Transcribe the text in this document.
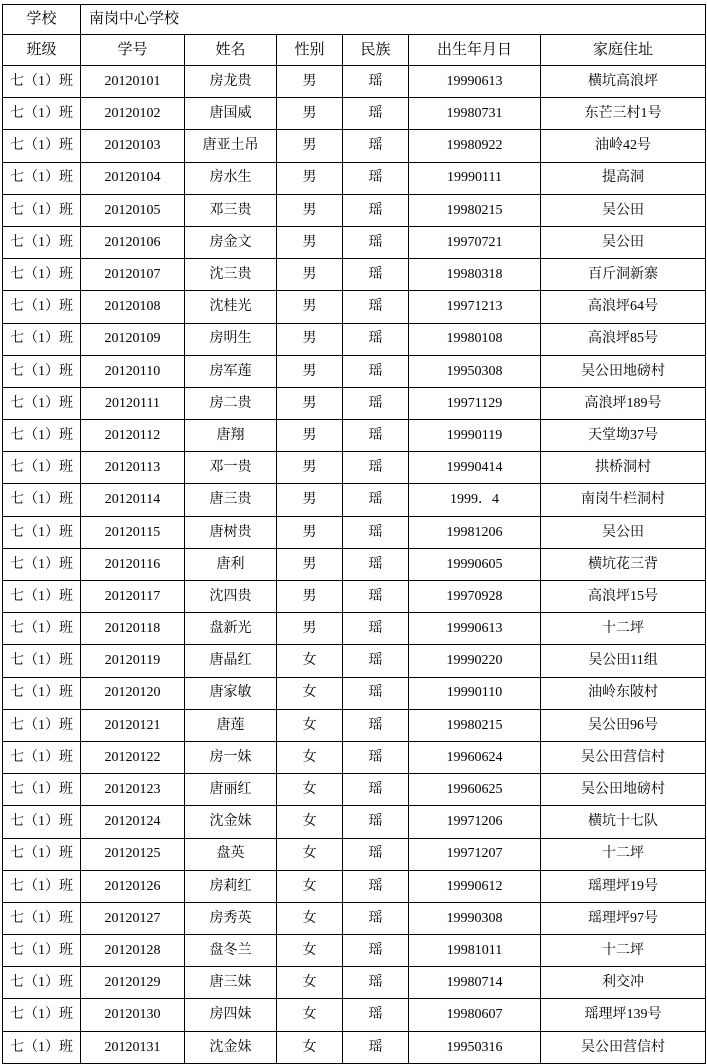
学校	南岗中心学校					
班级	学号	姓名	性别	民族	出生年月日	家庭住址
七（1）班	20120101	房龙贵	男	瑶	19990613	横坑高浪坪
七（1）班	20120102	唐国威	男	瑶	19980731	东芒三村1号
七（1）班	20120103	唐亚土吊	男	瑶	19980922	油岭42号
七（1）班	20120104	房水生	男	瑶	19990111	提高洞
七（1）班	20120105	邓三贵	男	瑶	19980215	吴公田
七（1）班	20120106	房金文	男	瑶	19970721	吴公田
七（1）班	20120107	沈三贵	男	瑶	19980318	百斤洞新寨
七（1）班	20120108	沈桂光	男	瑶	19971213	高浪坪64号
七（1）班	20120109	房明生	男	瑶	19980108	高浪坪85号
七（1）班	20120110	房军莲	男	瑶	19950308	吴公田地磅村
七（1）班	20120111	房二贵	男	瑶	19971129	高浪坪189号
七（1）班	20120112	唐翔	男	瑶	19990119	天堂坳37号
七（1）班	20120113	邓一贵	男	瑶	19990414	拱桥洞村
七（1）班	20120114	唐三贵	男	瑶	1999．4	南岗牛栏洞村
七（1）班	20120115	唐树贵	男	瑶	19981206	吴公田
七（1）班	20120116	唐利	男	瑶	19990605	横坑花三背
七（1）班	20120117	沈四贵	男	瑶	19970928	高浪坪15号
七（1）班	20120118	盘新光	男	瑶	19990613	十二坪
七（1）班	20120119	唐晶红	女	瑶	19990220	吴公田11组
七（1）班	20120120	唐家敏	女	瑶	19990110	油岭东陂村
七（1）班	20120121	唐莲	女	瑶	19980215	吴公田96号
七（1）班	20120122	房一妹	女	瑶	19960624	吴公田营信村
七（1）班	20120123	唐丽红	女	瑶	19960625	吴公田地磅村
七（1）班	20120124	沈金妹	女	瑶	19971206	横坑十七队
七（1）班	20120125	盘英	女	瑶	19971207	十二坪
七（1）班	20120126	房莉红	女	瑶	19990612	瑶理坪19号
七（1）班	20120127	房秀英	女	瑶	19990308	瑶理坪97号
七（1）班	20120128	盘冬兰	女	瑶	19981011	十二坪
七（1）班	20120129	唐三妹	女	瑶	19980714	利交冲
七（1）班	20120130	房四妹	女	瑶	19980607	瑶理坪139号
七（1）班	20120131	沈金妹	女	瑶	19950316	吴公田营信村
